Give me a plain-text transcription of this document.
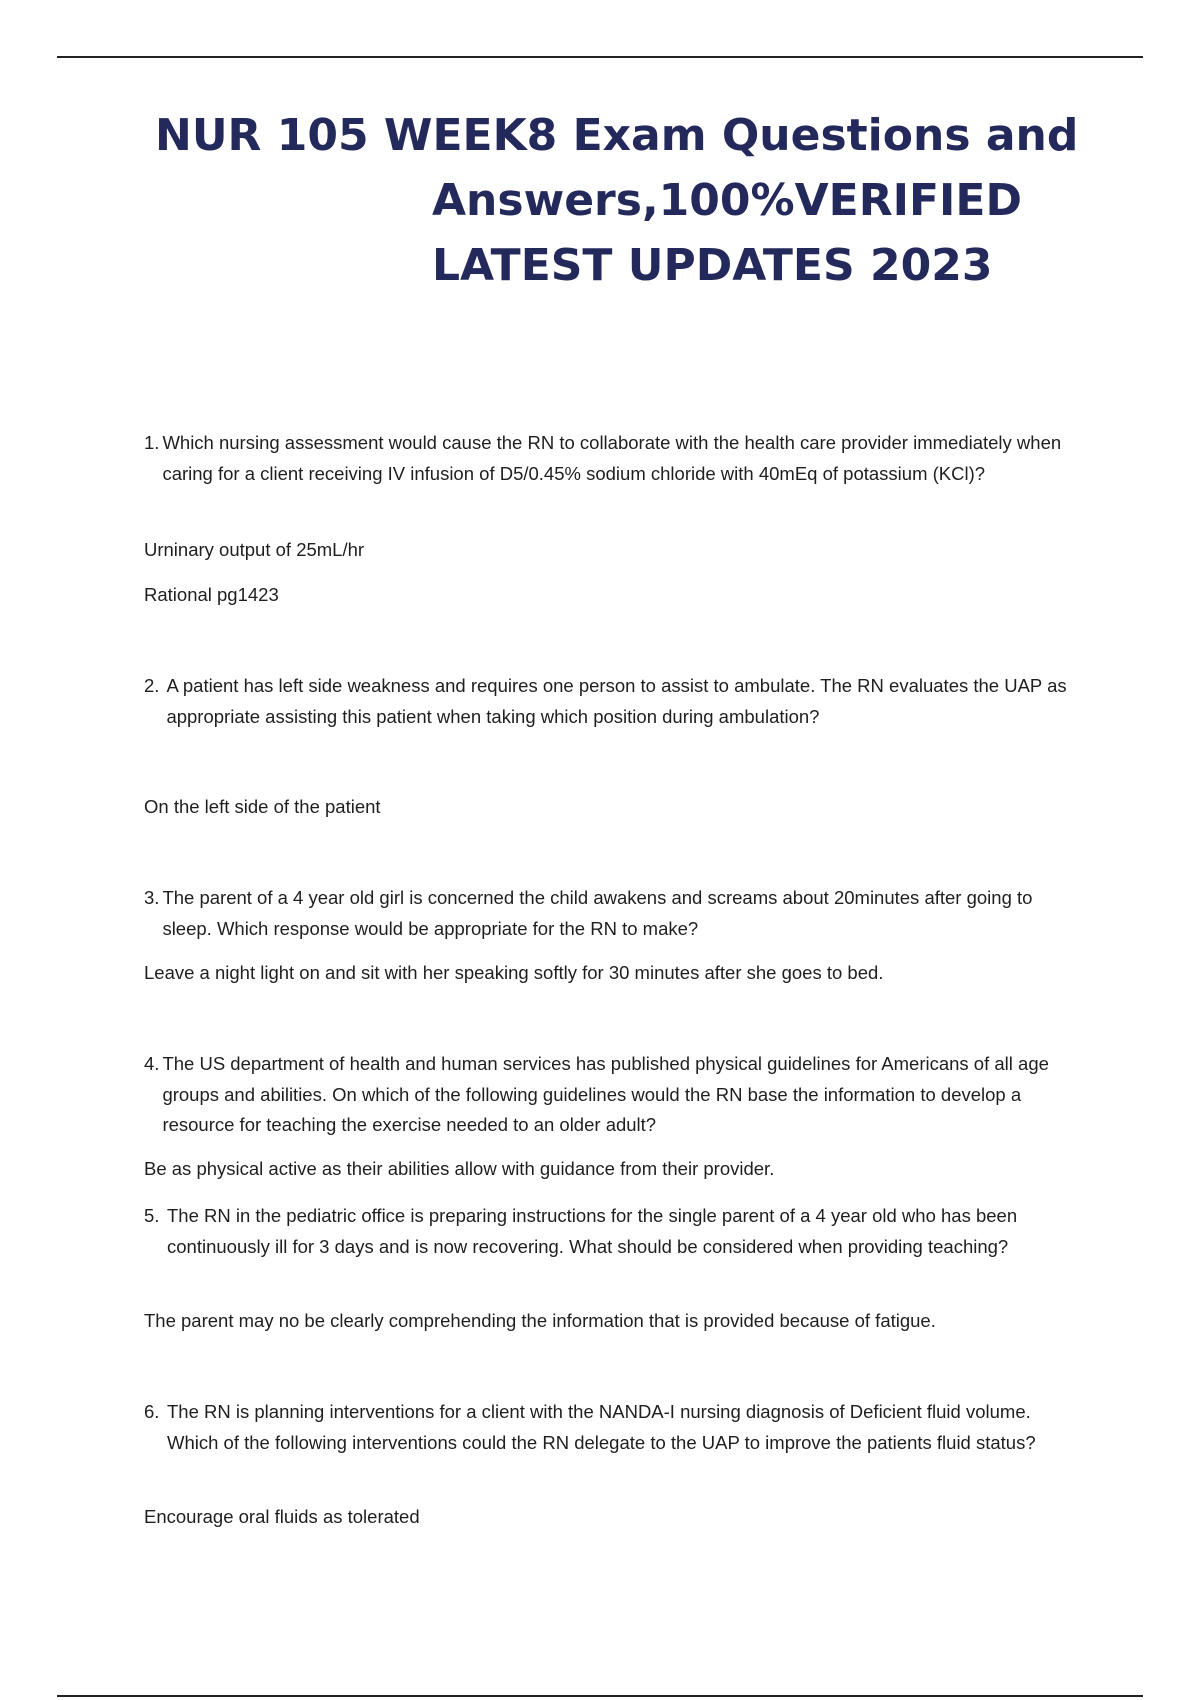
NUR 105 WEEK8 Exam Questions and
Answers,100%VERIFIED
LATEST UPDATES 2023
1. Which nursing assessment would cause the RN to collaborate with the health care provider immediately when caring for a client receiving IV infusion of D5/0.45% sodium chloride with 40mEq of potassium (KCl)?

Urninary output of 25mL/hr

Rational pg1423

2. A patient has left side weakness and requires one person to assist to ambulate. The RN evaluates the UAP as appropriate assisting this patient when taking which position during ambulation?

On the left side of the patient

3. The parent of a 4 year old girl is concerned the child awakens and screams about 20minutes after going to sleep. Which response would be appropriate for the RN to make?

Leave a night light on and sit with her speaking softly for 30 minutes after she goes to bed.

4. The US department of health and human services has published physical guidelines for Americans of all age groups and abilities. On which of the following guidelines would the RN base the information to develop a resource for teaching the exercise needed to an older adult?

Be as physical active as their abilities allow with guidance from their provider.

5. The RN in the pediatric office is preparing instructions for the single parent of a 4 year old who has been continuously ill for 3 days and is now recovering. What should be considered when providing teaching?

The parent may no be clearly comprehending the information that is provided because of fatigue.

6. The RN is planning interventions for a client with the NANDA-I nursing diagnosis of Deficient fluid volume. Which of the following interventions could the RN delegate to the UAP to improve the patients fluid status?

Encourage oral fluids as tolerated
